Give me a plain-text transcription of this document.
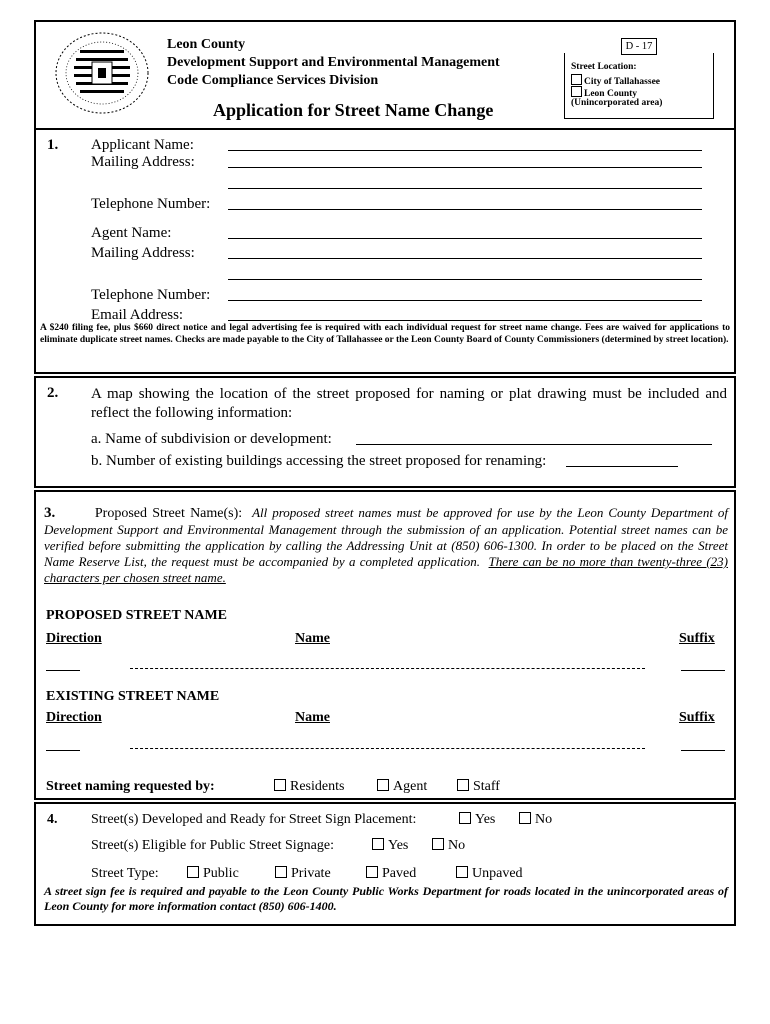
Leon County
Development Support and Environmental Management
Code Compliance Services Division
Application for Street Name Change
D - 17
Street Location:
City of Tallahassee
Leon County
(Unincorporated area)
1. Applicant Name:
Mailing Address:
Telephone Number:
Agent Name:
Mailing Address:
Telephone Number:
Email Address:
A $240 filing fee, plus $660 direct notice and legal advertising fee is required with each individual request for street name change. Fees are waived for applications to eliminate duplicate street names. Checks are made payable to the City of Tallahassee or the Leon County Board of County Commissioners (determined by street location).
2. A map showing the location of the street proposed for naming or plat drawing must be included and reflect the following information:
a. Name of subdivision or development:
b. Number of existing buildings accessing the street proposed for renaming:
3.	Proposed Street Name(s): All proposed street names must be approved for use by the Leon County Department of Development Support and Environmental Management through the submission of an application. Potential street names can be verified before submitting the application by calling the Addressing Unit at (850) 606-1300. In order to be placed on the Street Name Reserve List, the request must be accompanied by a completed application. There can be no more than twenty-three (23) characters per chosen street name.
PROPOSED STREET NAME
Direction	Name	Suffix
EXISTING STREET NAME
Direction	Name	Suffix
Street naming requested by:	Residents	Agent	Staff
4. Street(s) Developed and Ready for Street Sign Placement:	Yes	No
Street(s) Eligible for Public Street Signage:	Yes	No
Street Type:	Public	Private	Paved	Unpaved
A street sign fee is required and payable to the Leon County Public Works Department for roads located in the unincorporated areas of Leon County for more information contact (850) 606-1400.
